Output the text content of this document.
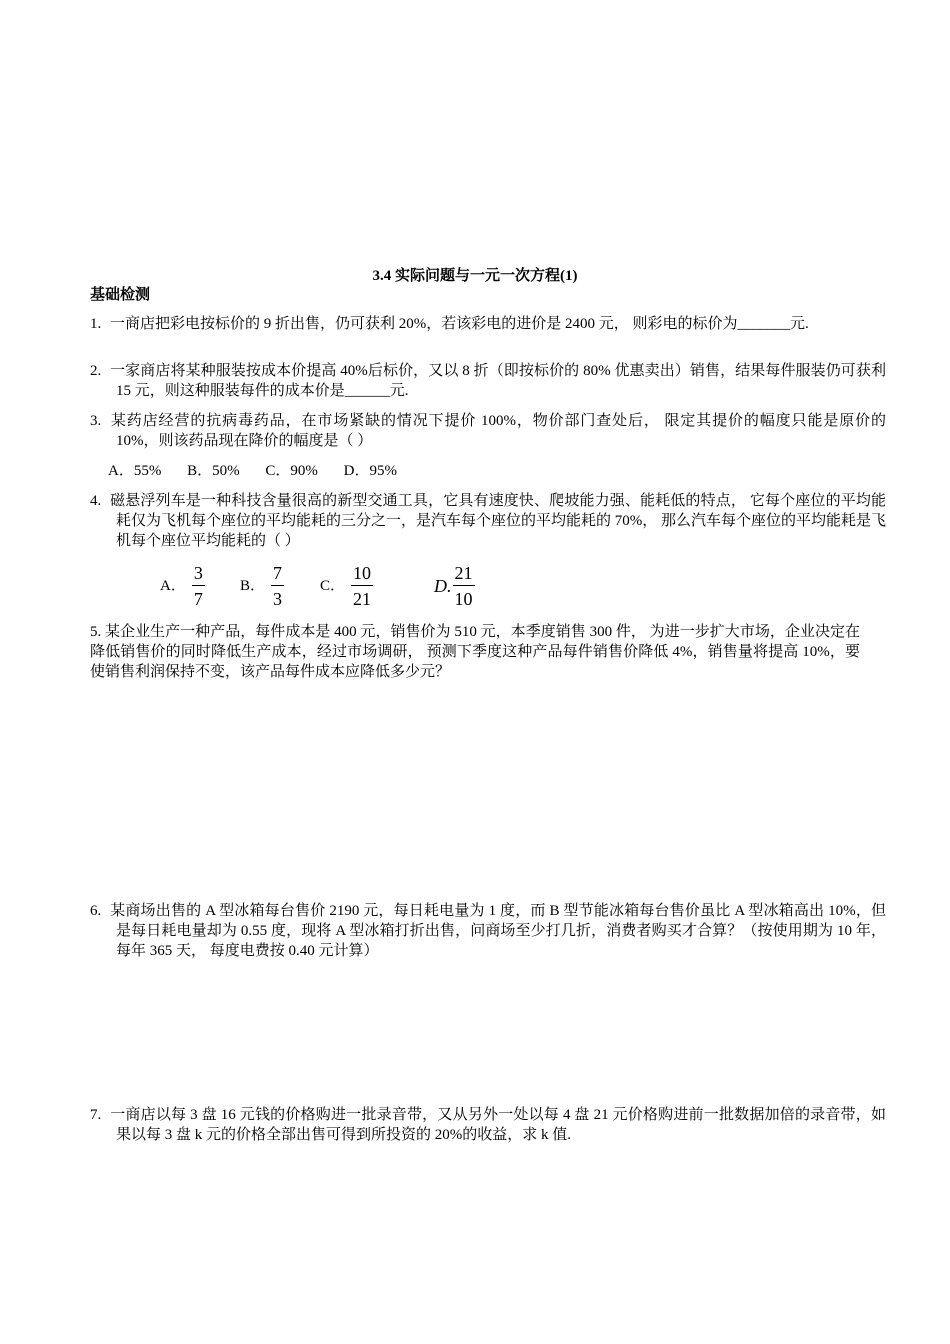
3.4 实际问题与一元一次方程(1)
基础检测
1. 一商店把彩电按标价的 9 折出售，仍可获利 20%，若该彩电的进价是 2400 元， 则彩电的标价为_______元.
2. 一家商店将某种服装按成本价提高 40%后标价，又以 8 折（即按标价的 80% 优惠卖出）销售，结果每件服装仍可获利 15 元，则这种服装每件的成本价是______元.
3. 某药店经营的抗病毒药品，在市场紧缺的情况下提价 100%，物价部门查处后， 限定其提价的幅度只能是原价的 10%，则该药品现在降价的幅度是（ ）
A．55% B．50% C．90% D．95%
4. 磁悬浮列车是一种科技含量很高的新型交通工具，它具有速度快、爬坡能力强、能耗低的特点， 它每个座位的平均能耗仅为飞机每个座位的平均能耗的三分之一，是汽车每个座位的平均能耗的 70%， 那么汽车每个座位的平均能耗是飞机每个座位平均能耗的（ ）
A． $\frac{3}{7}$ B． $\frac{7}{3}$ C． $\frac{10}{21}$	D. $\frac{21}{10}$
5. 某企业生产一种产品，每件成本是 400 元，销售价为 510 元，本季度销售 300 件， 为进一步扩大市场，企业决定在降低销售价的同时降低生产成本，经过市场调研， 预测下季度这种产品每件销售价降低 4%，销售量将提高 10%，要使销售利润保持不变，该产品每件成本应降低多少元？
6. 某商场出售的 A 型冰箱每台售价 2190 元，每日耗电量为 1 度，而 B 型节能冰箱每台售价虽比 A 型冰箱高出 10%，但是每日耗电量却为 0.55 度，现将 A 型冰箱打折出售，问商场至少打几折，消费者购买才合算？（按使用期为 10 年， 每年 365 天， 每度电费按 0.40 元计算）
7. 一商店以每 3 盘 16 元钱的价格购进一批录音带，又从另外一处以每 4 盘 21 元价格购进前一批数据加倍的录音带，如果以每 3 盘 k 元的价格全部出售可得到所投资的 20%的收益，求 k 值.
